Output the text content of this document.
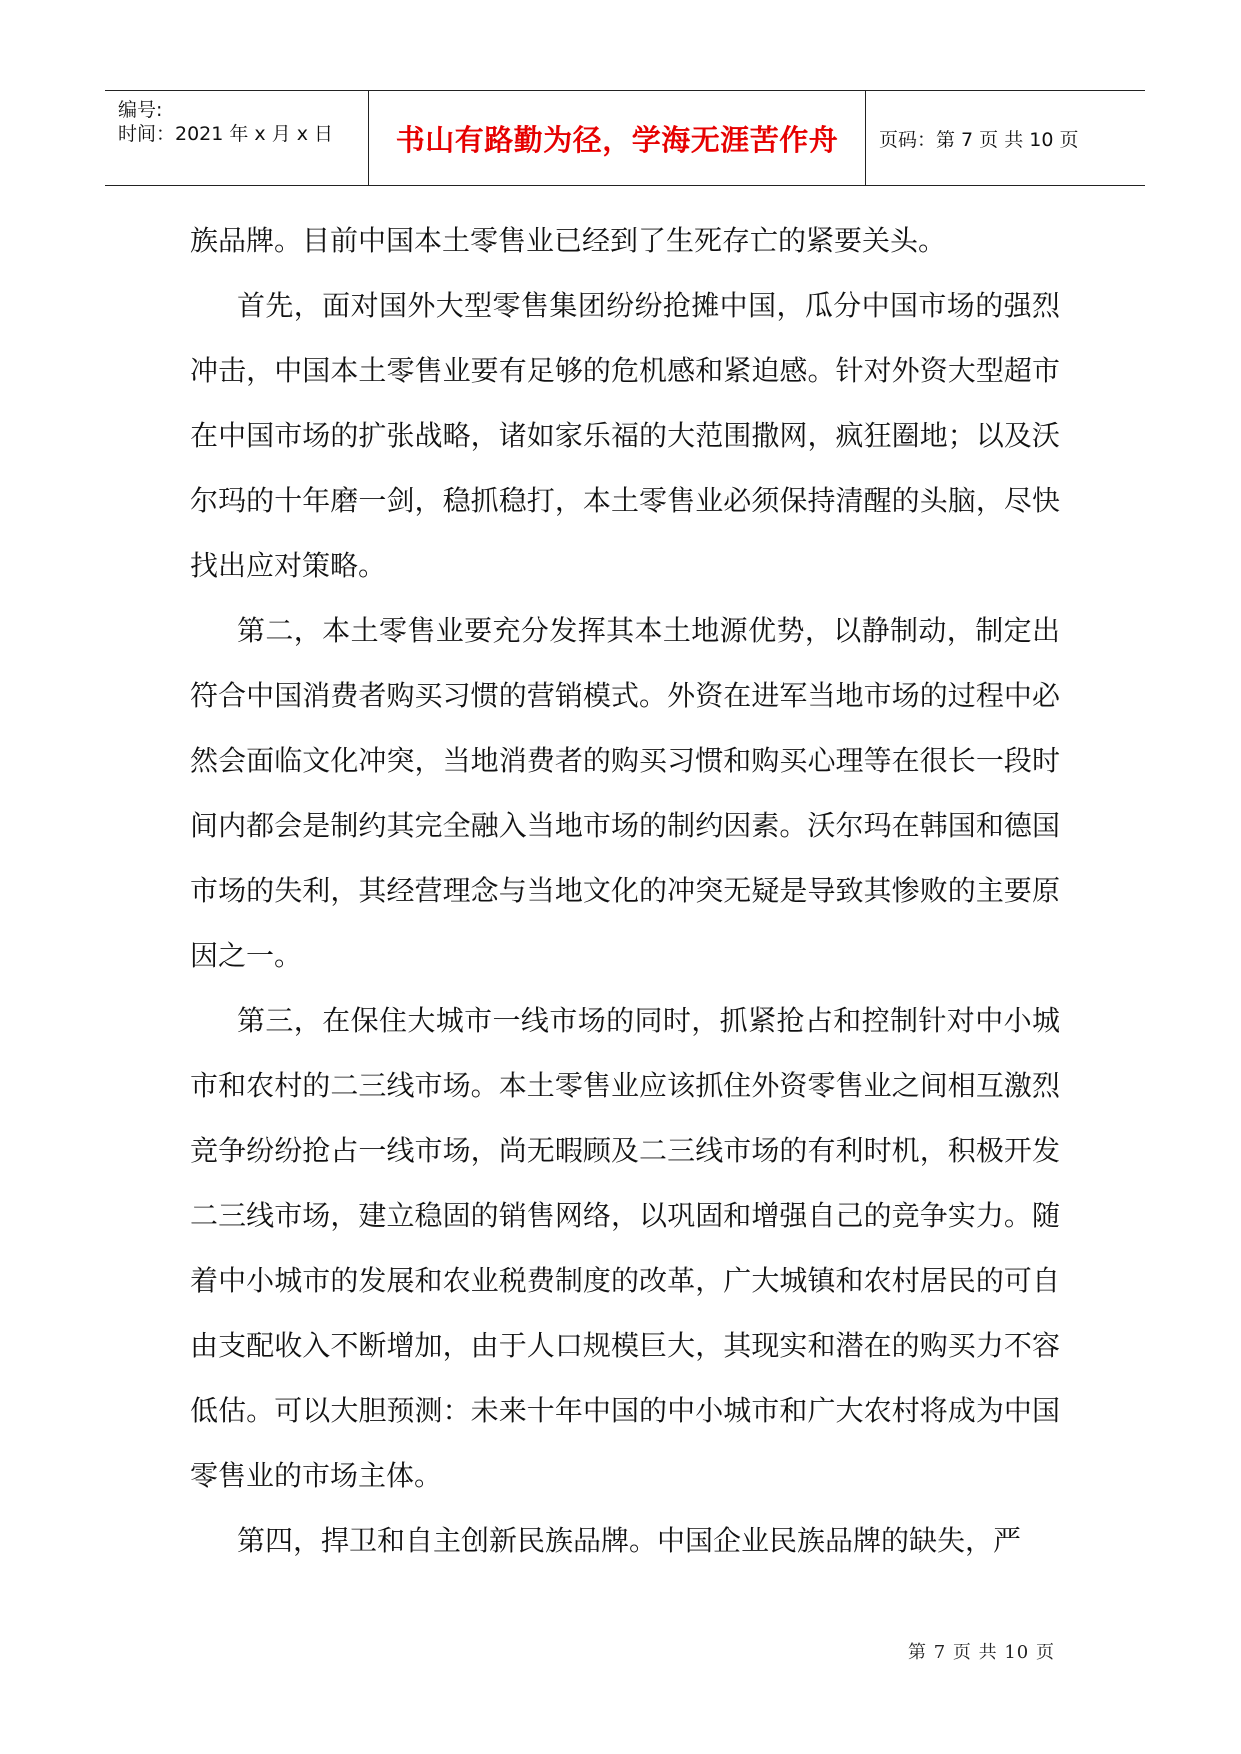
编号:
时间：2021 年 x 月 x 日 书山有路勤为径，学海无涯苦作舟 页码：第 7 页 共 10 页

族品牌。目前中国本土零售业已经到了生死存亡的紧要关头。

首先，面对国外大型零售集团纷纷抢摊中国，瓜分中国市场的强烈冲击，中国本土零售业要有足够的危机感和紧迫感。针对外资大型超市在中国市场的扩张战略，诸如家乐福的大范围撒网，疯狂圈地；以及沃尔玛的十年磨一剑，稳抓稳打，本土零售业必须保持清醒的头脑，尽快找出应对策略。

第二，本土零售业要充分发挥其本土地源优势，以静制动，制定出符合中国消费者购买习惯的营销模式。外资在进军当地市场的过程中必然会面临文化冲突，当地消费者的购买习惯和购买心理等在很长一段时间内都会是制约其完全融入当地市场的制约因素。沃尔玛在韩国和德国市场的失利，其经营理念与当地文化的冲突无疑是导致其惨败的主要原因之一。

第三，在保住大城市一线市场的同时，抓紧抢占和控制针对中小城市和农村的二三线市场。本土零售业应该抓住外资零售业之间相互激烈竞争纷纷抢占一线市场，尚无暇顾及二三线市场的有利时机，积极开发二三线市场，建立稳固的销售网络，以巩固和增强自己的竞争实力。随着中小城市的发展和农业税费制度的改革，广大城镇和农村居民的可自由支配收入不断增加，由于人口规模巨大，其现实和潜在的购买力不容低估。可以大胆预测：未来十年中国的中小城市和广大农村将成为中国零售业的市场主体。

第四，捍卫和自主创新民族品牌。中国企业民族品牌的缺失，严

第 7 页 共 10 页
